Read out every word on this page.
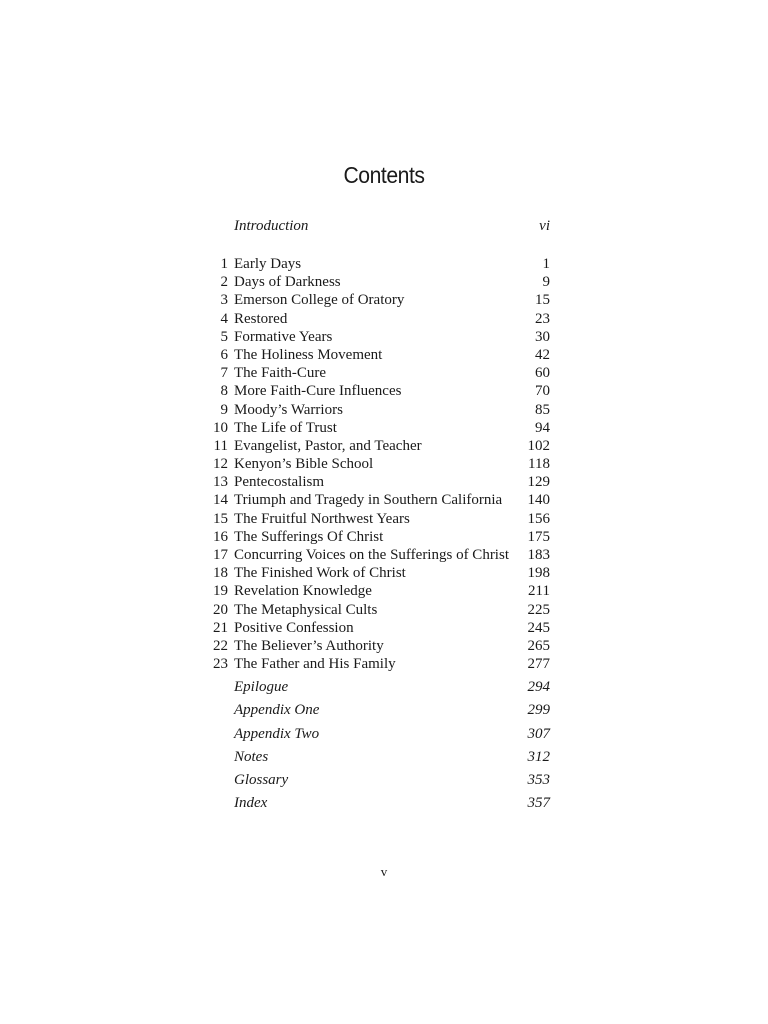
Contents
Introduction	vi
1 Early Days	1
2 Days of Darkness	9
3 Emerson College of Oratory	15
4 Restored	23
5 Formative Years	30
6 The Holiness Movement	42
7 The Faith-Cure	60
8 More Faith-Cure Influences	70
9 Moody’s Warriors	85
10 The Life of Trust	94
11 Evangelist, Pastor, and Teacher	102
12 Kenyon’s Bible School	118
13 Pentecostalism	129
14 Triumph and Tragedy in Southern California	140
15 The Fruitful Northwest Years	156
16 The Sufferings Of Christ	175
17 Concurring Voices on the Sufferings of Christ	183
18 The Finished Work of Christ	198
19 Revelation Knowledge	211
20 The Metaphysical Cults	225
21 Positive Confession	245
22 The Believer’s Authority	265
23 The Father and His Family	277
Epilogue	294
Appendix One	299
Appendix Two	307
Notes	312
Glossary	353
Index	357
v
